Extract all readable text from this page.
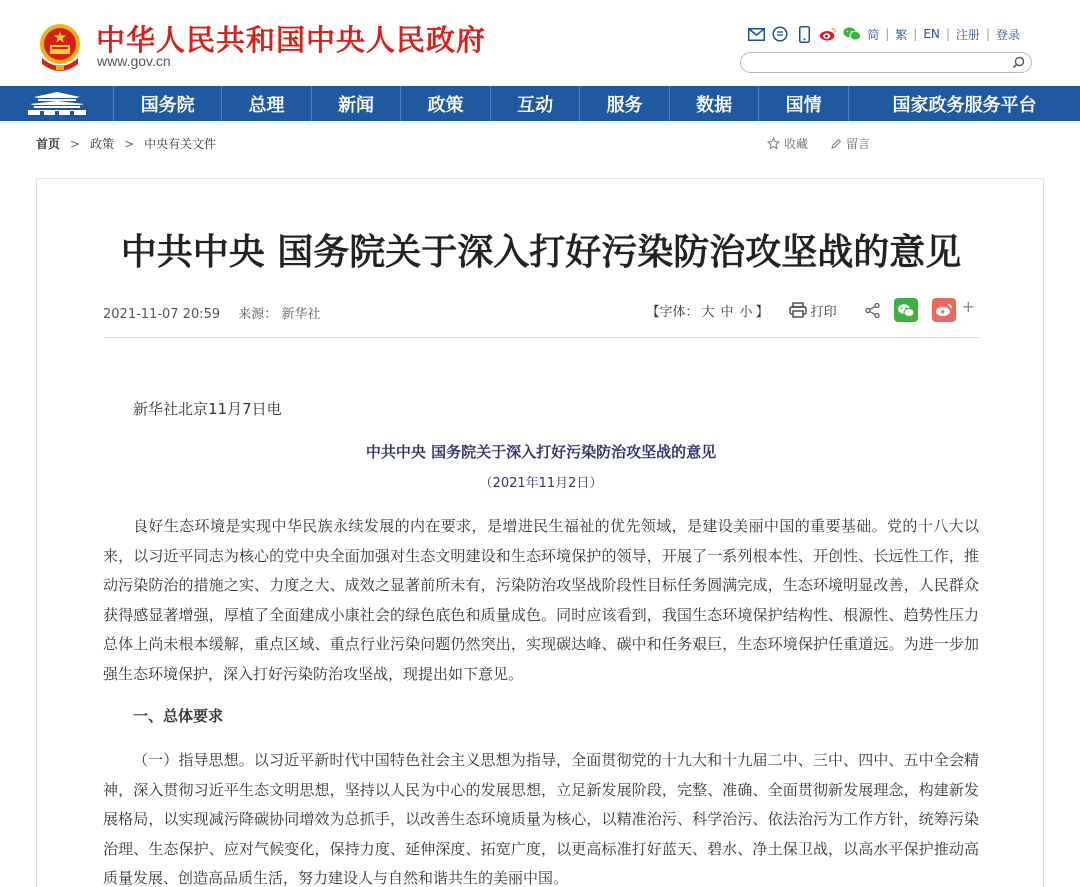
中华人民共和国中央人民政府
www.gov.cn
简 | 繁 | EN | 注册 | 登录
国务院	总理	新闻	政策	互动	服务	数据	国情	国家政务服务平台
首页 > 政策 > 中央有关文件	收藏	留言
中共中央 国务院关于深入打好污染防治攻坚战的意见
2021-11-07 20:59 来源： 新华社	【字体： 大 中 小 】	打印	+
新华社北京11月7日电
中共中央 国务院关于深入打好污染防治攻坚战的意见
（2021年11月2日）

良好生态环境是实现中华民族永续发展的内在要求，是增进民生福祉的优先领域，是建设美丽中国的重要基础。党的十八大以来，以习近平同志为核心的党中央全面加强对生态文明建设和生态环境保护的领导，开展了一系列根本性、开创性、长远性工作，推动污染防治的措施之实、力度之大、成效之显著前所未有，污染防治攻坚战阶段性目标任务圆满完成，生态环境明显改善，人民群众获得感显著增强，厚植了全面建成小康社会的绿色底色和质量成色。同时应该看到，我国生态环境保护结构性、根源性、趋势性压力总体上尚未根本缓解，重点区域、重点行业污染问题仍然突出，实现碳达峰、碳中和任务艰巨，生态环境保护任重道远。为进一步加强生态环境保护，深入打好污染防治攻坚战，现提出如下意见。

一、总体要求

（一）指导思想。以习近平新时代中国特色社会主义思想为指导，全面贯彻党的十九大和十九届二中、三中、四中、五中全会精神，深入贯彻习近平生态文明思想，坚持以人民为中心的发展思想，立足新发展阶段，完整、准确、全面贯彻新发展理念，构建新发展格局，以实现减污降碳协同增效为总抓手，以改善生态环境质量为核心，以精准治污、科学治污、依法治污为工作方针，统筹污染治理、生态保护、应对气候变化，保持力度、延伸深度、拓宽广度，以更高标准打好蓝天、碧水、净土保卫战，以高水平保护推动高质量发展、创造高品质生活，努力建设人与自然和谐共生的美丽中国。
